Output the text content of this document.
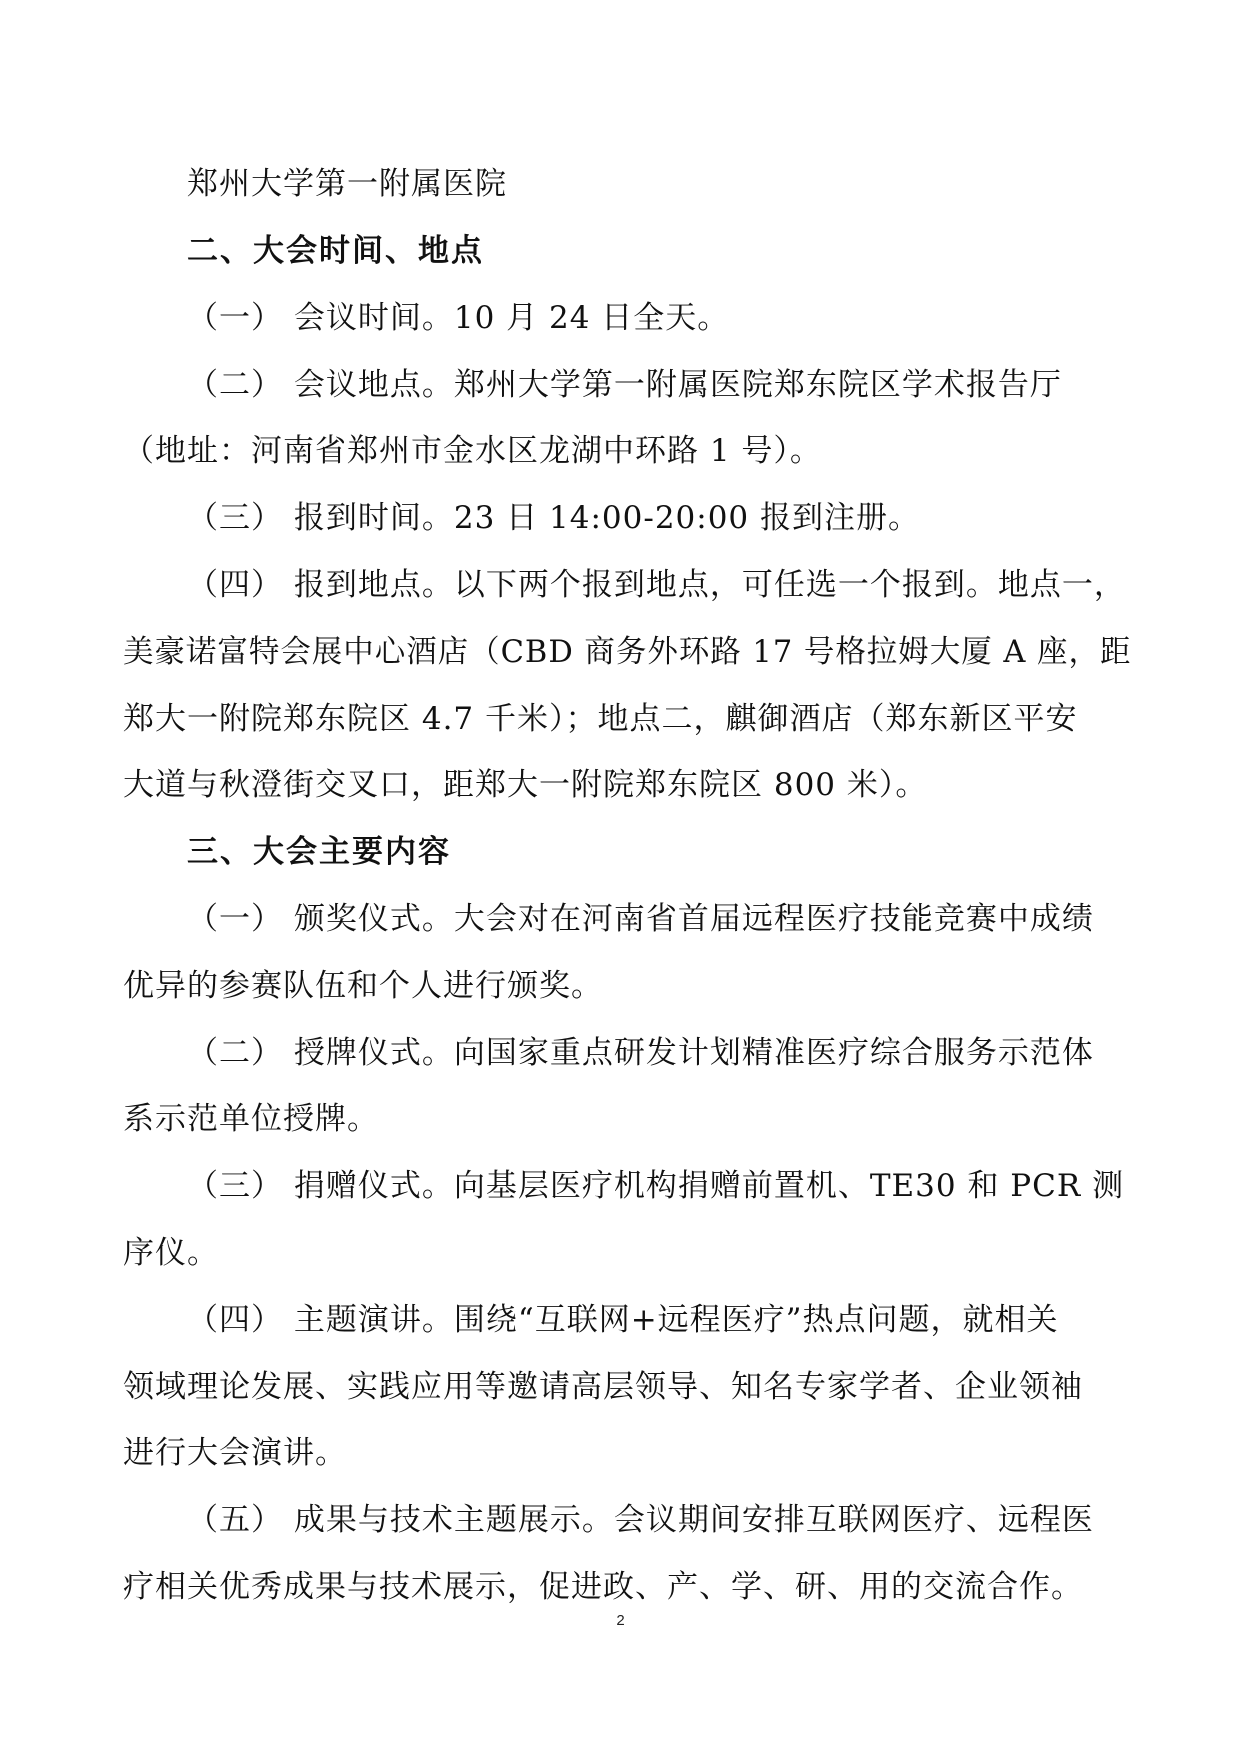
郑州大学第一附属医院
二、大会时间、地点
（一） 会议时间。10 月 24 日全天。
（二） 会议地点。郑州大学第一附属医院郑东院区学术报告厅
（地址：河南省郑州市金水区龙湖中环路 1 号）。
（三） 报到时间。23 日 14:00-20:00 报到注册。
（四） 报到地点。以下两个报到地点，可任选一个报到。地点一，
美豪诺富特会展中心酒店（CBD 商务外环路 17 号格拉姆大厦 A 座，距
郑大一附院郑东院区 4.7 千米）；地点二，麒御酒店（郑东新区平安
大道与秋澄街交叉口，距郑大一附院郑东院区 800 米）。
三、大会主要内容
（一） 颁奖仪式。大会对在河南省首届远程医疗技能竞赛中成绩
优异的参赛队伍和个人进行颁奖。
（二） 授牌仪式。向国家重点研发计划精准医疗综合服务示范体
系示范单位授牌。
（三） 捐赠仪式。向基层医疗机构捐赠前置机、TE30 和 PCR 测
序仪。
（四） 主题演讲。围绕“互联网+远程医疗”热点问题，就相关
领域理论发展、实践应用等邀请高层领导、知名专家学者、企业领袖
进行大会演讲。
（五） 成果与技术主题展示。会议期间安排互联网医疗、远程医
疗相关优秀成果与技术展示，促进政、产、学、研、用的交流合作。
2
